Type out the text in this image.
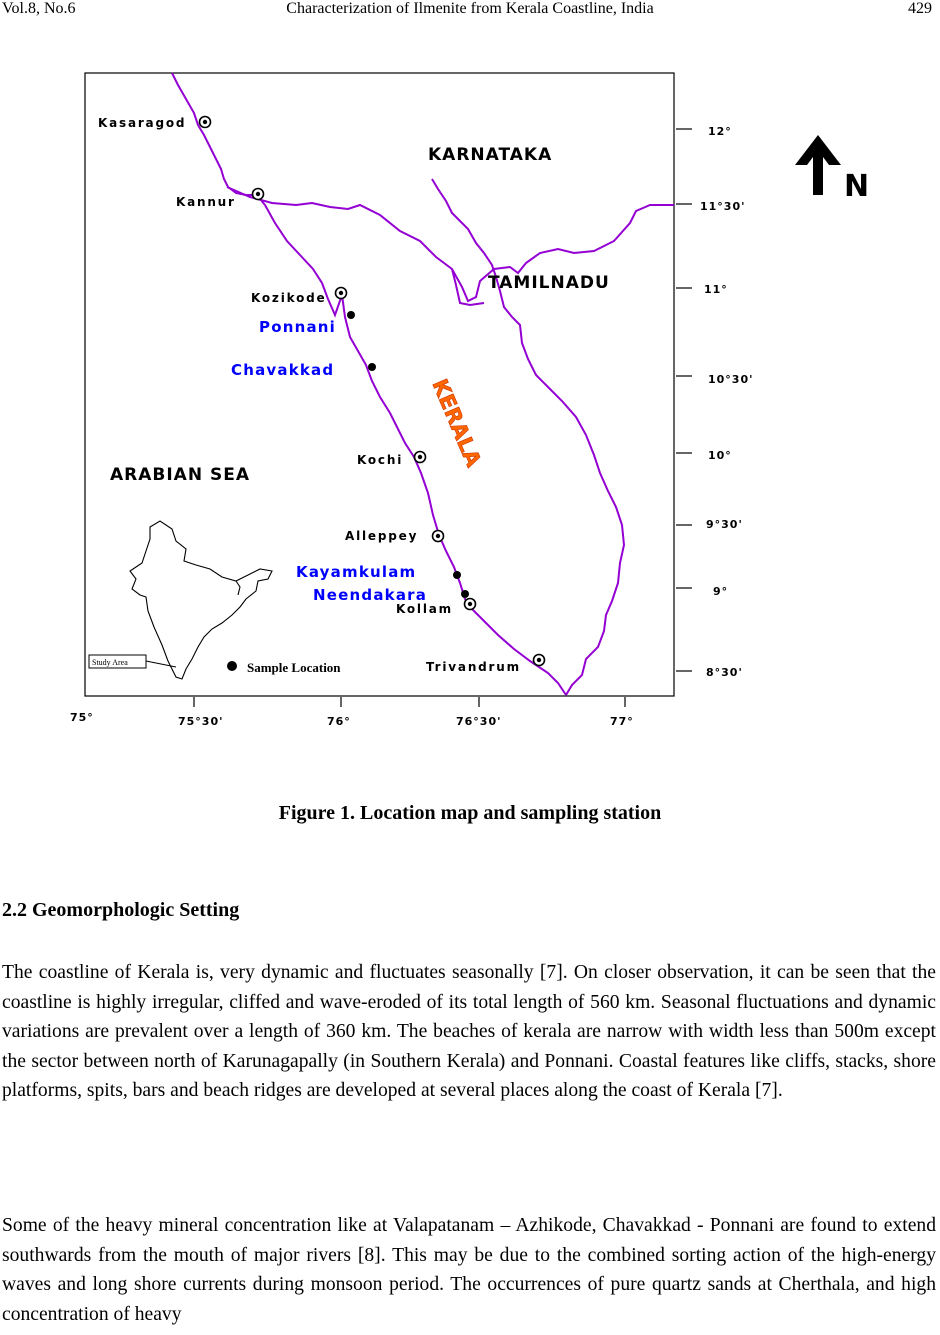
Vol.8, No.6	Characterization of Ilmenite from Kerala Coastline, India	429
KARNATAKA
TAMILNADU
ARABIAN SEA
KERALA
Kasaragod
Kannur
Kozikode
Kochi
Alleppey
Kollam
Trivandrum
Ponnani
Chavakkad
Kayamkulam
Neendakara
12°
11°30'
11°
10°30'
10°
9°30'
9°
8°30'
75°	75°30'	76°	76°30'	77°
N
Study Area	Sample Location
Figure 1. Location map and sampling station
2.2 Geomorphologic Setting

The coastline of Kerala is, very dynamic and fluctuates seasonally [7]. On closer observation, it can be seen that the coastline is highly irregular, cliffed and wave-eroded of its total length of 560 km. Seasonal fluctuations and dynamic variations are prevalent over a length of 360 km. The beaches of kerala are narrow with width less than 500m except the sector between north of Karunagapally (in Southern Kerala) and Ponnani. Coastal features like cliffs, stacks, shore platforms, spits, bars and beach ridges are developed at several places along the coast of Kerala [7].

Some of the heavy mineral concentration like at Valapatanam – Azhikode, Chavakkad - Ponnani are found to extend southwards from the mouth of major rivers [8]. This may be due to the combined sorting action of the high-energy waves and long shore currents during monsoon period. The occurrences of pure quartz sands at Cherthala, and high concentration of heavy
